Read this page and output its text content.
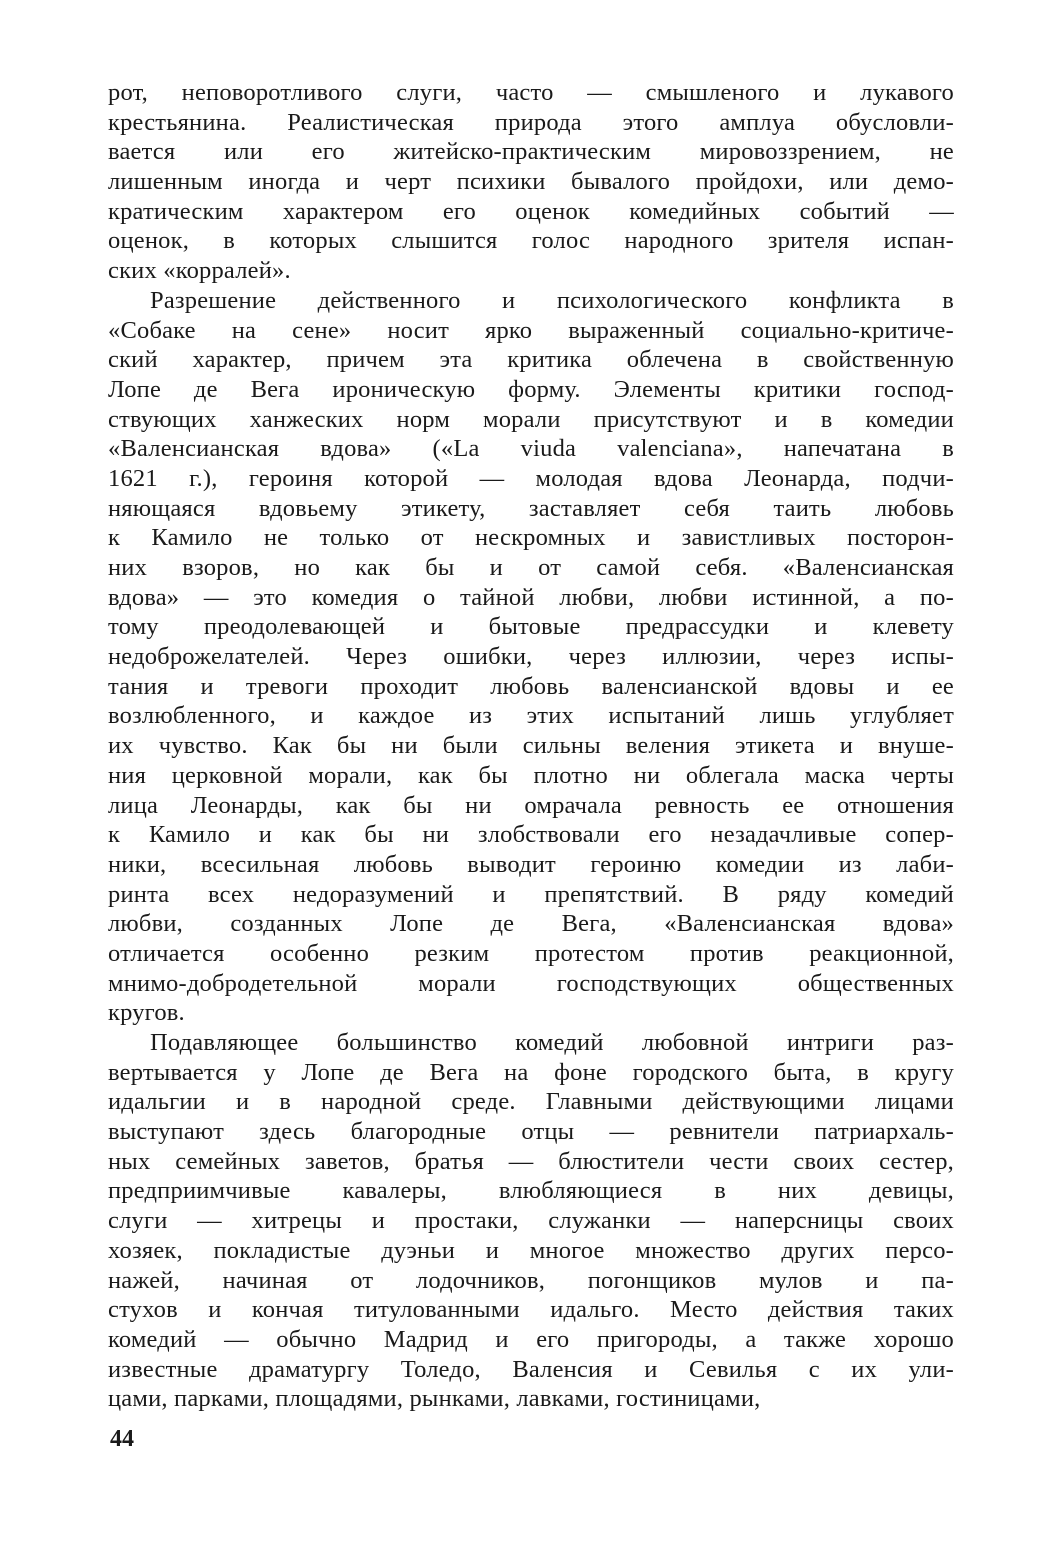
рот, неповоротливого слуги, часто — смышленого и лукавого
крестьянина. Реалистическая природа этого амплуа обусловли-
вается или его житейско-практическим мировоззрением, не
лишенным иногда и черт психики бывалого пройдохи, или демо-
кратическим характером его оценок комедийных событий —
оценок, в которых слышится голос народного зрителя испан-
ских «корралей».
Разрешение действенного и психологического конфликта в
«Собаке на сене» носит ярко выраженный социально-критиче-
ский характер, причем эта критика облечена в свойственную
Лопе де Вега ироническую форму. Элементы критики господ-
ствующих ханжеских норм морали присутствуют и в комедии
«Валенсианская вдова» («La viuda valenciana», напечатана в
1621 г.), героиня которой — молодая вдова Леонарда, подчи-
няющаяся вдовьему этикету, заставляет себя таить любовь
к Камило не только от нескромных и завистливых посторон-
них взоров, но как бы и от самой себя. «Валенсианская
вдова» — это комедия о тайной любви, любви истинной, а по-
тому преодолевающей и бытовые предрассудки и клевету
недоброжелателей. Через ошибки, через иллюзии, через испы-
тания и тревоги проходит любовь валенсианской вдовы и ее
возлюбленного, и каждое из этих испытаний лишь углубляет
их чувство. Как бы ни были сильны веления этикета и внуше-
ния церковной морали, как бы плотно ни облегала маска черты
лица Леонарды, как бы ни омрачала ревность ее отношения
к Камило и как бы ни злобствовали его незадачливые сопер-
ники, всесильная любовь выводит героиню комедии из лаби-
ринта всех недоразумений и препятствий. В ряду комедий
любви, созданных Лопе де Вега, «Валенсианская вдова»
отличается особенно резким протестом против реакционной,
мнимо-добродетельной морали господствующих общественных
кругов.
Подавляющее большинство комедий любовной интриги раз-
вертывается у Лопе де Вега на фоне городского быта, в кругу
идальгии и в народной среде. Главными действующими лицами
выступают здесь благородные отцы — ревнители патриархаль-
ных семейных заветов, братья — блюстители чести своих сестер,
предприимчивые кавалеры, влюбляющиеся в них девицы,
слуги — хитрецы и простаки, служанки — наперсницы своих
хозяек, покладистые дуэньи и многое множество других персо-
нажей, начиная от лодочников, погонщиков мулов и па-
стухов и кончая титулованными идальго. Место действия таких
комедий — обычно Мадрид и его пригороды, а также хорошо
известные драматургу Толедо, Валенсия и Севилья с их ули-
цами, парками, площадями, рынками, лавками, гостиницами,
44
